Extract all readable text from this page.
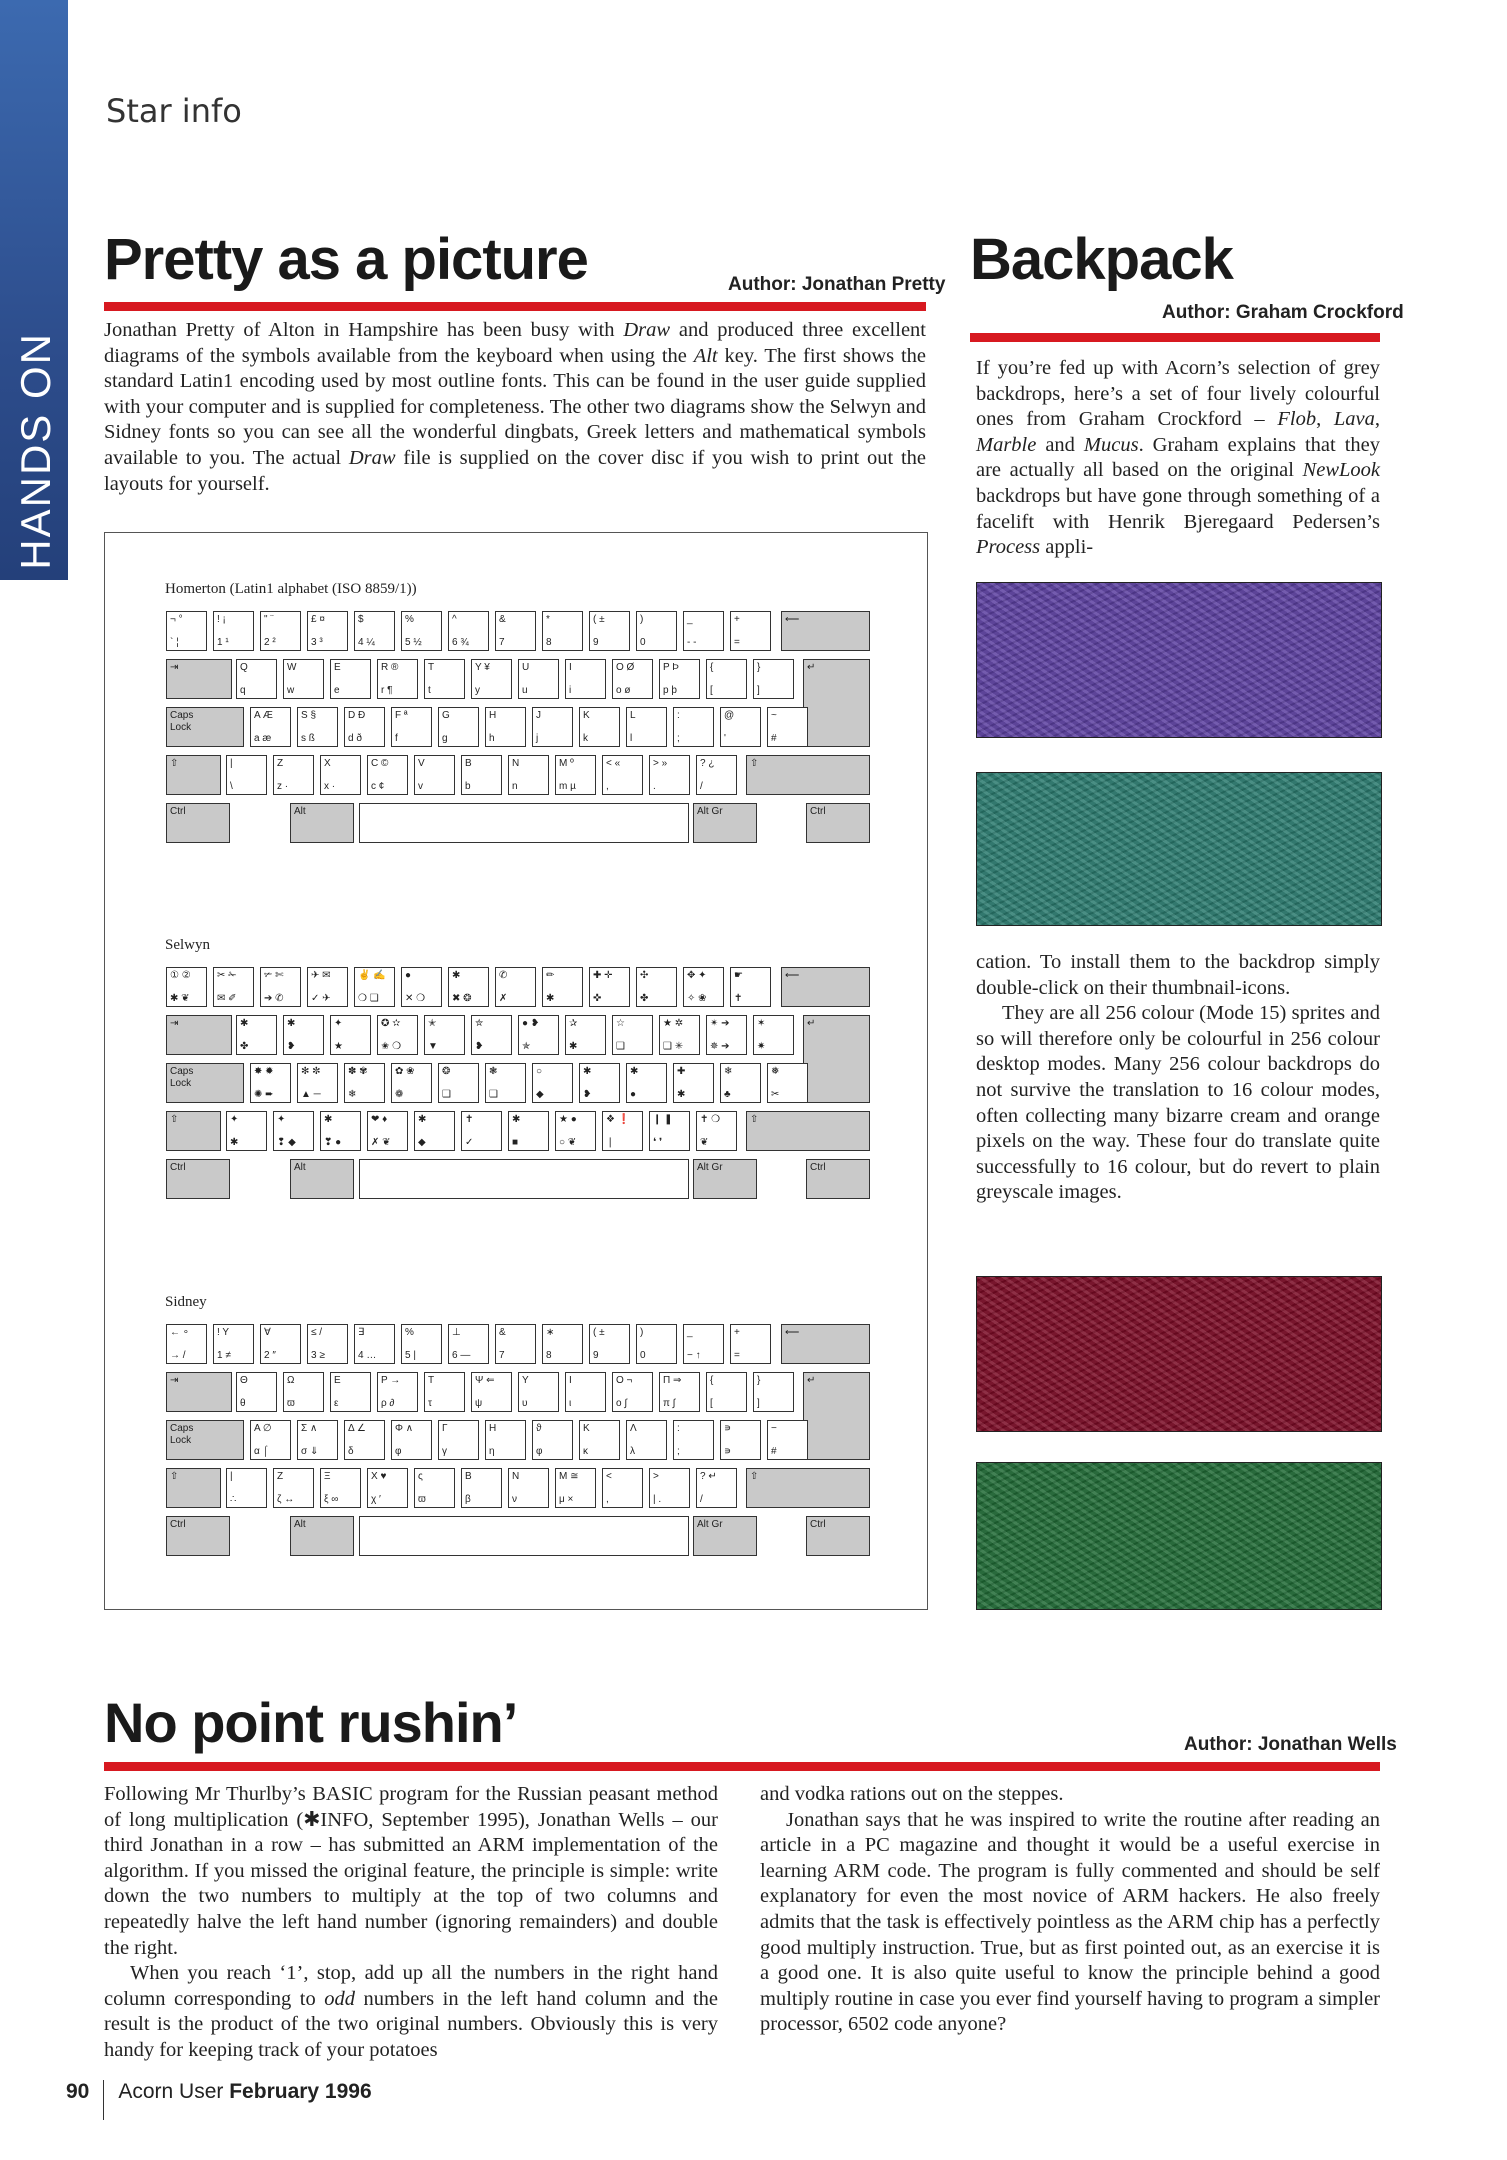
HANDS ON
Star info
Pretty as a picture	Author: Jonathan Pretty

Jonathan Pretty of Alton in Hampshire has been busy with Draw and produced three excellent diagrams of the symbols available from the keyboard when using the Alt key. The first shows the standard Latin1 encoding used by most outline fonts. This can be found in the user guide supplied with your computer and is supplied for completeness. The other two diagrams show the Selwyn and Sidney fonts so you can see all the wonderful dingbats, Greek letters and mathematical symbols available to you. The actual Draw file is supplied on the cover disc if you wish to print out the layouts for yourself.

Homerton (Latin1 alphabet (ISO 8859/1))
¬ °
` ¦
! ¡
1 ¹
" ¨
2 ²
£ ¤
3 ³
$
4 ¼
%
5 ½
^
6 ¾
&
7
*
8
( ±
9
)
0
_
- -
+
=
⟵
⇥	Q
q
W
w
E
e
R ®
r ¶
T
t
Y ¥
y
U
u
I
i
O Ø
o ø
P Þ
p þ
{
[
}
]
↵
Caps Lock
A Æ
a æ
S §
s ß
D Ð
d ð
F ª
f
G
g
H
h
J
j
K
k
L
l
:
;
@
'
~
#
⇧	|
\
Z
z ·
X
x ·
C ©
c ¢
V
v
B
b
N
n
M º
m µ
< «
,
> »
.
? ¿
/
⇧
Ctrl	Alt	Alt Gr	Ctrl
Selwyn
① ②
✱ ❦
✂ ✁
✉ ✐
✃ ✄
➔ ✆
✈ ✉
✓ ✈
✌ ✍
❍ ❏
●
✕ ❍
✱
✖ ❂
✆
✗
✏
✱
✚ ✛
✜
✣
✤
✥ ✦
✧ ❀
☛
✝
⟵
⇥	✱
✤
✱
❥
✦
★
✪ ✫
✬ ❍
✭
▼
✮
❥
● ❥
✯
✰
✱
☆
❑
★ ✲
❑ ✳
✴ ➔
✵ ➔
✶
✷
↵
Caps Lock
✸ ✹
✺ ➨
✻ ✼
▲ ─
✽ ✾
❄
✿ ❀
❁
❂
❑
❃
❑
○
◆
✱
❥
✱
●
✚
✱
❄
♣
❅
✂
⇧	✦
✱
✦
❢ ◆
✱
❣ ●
❤ ♦
✗ ❦
✱
◆
✝
✓
✱
■
★ ●
○ ❦
❖ ❗
❘
❙ ❚
❛ ❜
✝ ❍
❦
⇧
Ctrl	Alt	Alt Gr	Ctrl
Sidney
← ∘
→ /
! Υ
1 ≠
∀
2 ″
≤ /
3 ≥
∃
4 …
%
5 |
⊥
6 —
&
7
∗
8
( ±
9
)
0
_
− ↑
+
=
⟵
⇥	Θ
θ
Ω
ϖ
Ε
ε
Ρ →
ρ ∂
Τ
τ
Ψ ⇐
ψ
Υ
υ
Ι
ι
Ο ¬
ο ∫
Π ⇒
π ∫
{
[
}
]
↵
Caps Lock
Α ∅
α ⌠
Σ ∧
σ ⇓
Δ ∠
δ
Φ ∧
φ
Γ
γ
Η
η
ϑ
φ
Κ
κ
Λ
λ
:
;
∍
∍
−
#
⇧	|
∴
Ζ
ζ ↔
Ξ
ξ ∞
Χ ♥
χ ′
ς
ϖ
Β
β
Ν
ν
Μ ≅
μ ×
<
,
>
| .
? ↵
/
⇧
Ctrl	Alt	Alt Gr	Ctrl
Backpack
Author: Graham Crockford

If you’re fed up with Acorn’s selection of grey backdrops, here’s a set of four lively colourful ones from Graham Crockford – Flob, Lava, Marble and Mucus. Graham explains that they are actually all based on the original NewLook backdrops but have gone through something of a facelift with Henrik Bjeregaard Pedersen’s Process appli-

cation. To install them to the backdrop simply double-click on their thumbnail-icons.

They are all 256 colour (Mode 15) sprites and so will therefore only be colourful in 256 colour desktop modes. Many 256 colour backdrops do not survive the translation to 16 colour modes, often collecting many bizarre cream and orange pixels on the way. These four do translate quite successfully to 16 colour, but do revert to plain greyscale images.

No point rushin’	Author: Jonathan Wells

Following Mr Thurlby’s BASIC program for the Russian peasant method of long multiplication (✱INFO, September 1995), Jonathan Wells – our third Jonathan in a row – has submitted an ARM implementation of the algorithm. If you missed the original feature, the principle is simple: write down the two numbers to multiply at the top of two columns and repeatedly halve the left hand number (ignoring remainders) and double the right.

When you reach ‘1’, stop, add up all the numbers in the right hand column corresponding to odd numbers in the left hand column and the result is the product of the two original numbers. Obviously this is very handy for keeping track of your potatoes

and vodka rations out on the steppes.

Jonathan says that he was inspired to write the routine after reading an article in a PC magazine and thought it would be a useful exercise in learning ARM code. The program is fully commented and should be self explanatory for even the most novice of ARM hackers. He also freely admits that the task is effectively pointless as the ARM chip has a perfectly good multiply instruction. True, but as first pointed out, as an exercise it is a good one. It is also quite useful to know the principle behind a good multiply routine in case you ever find yourself having to program a simpler processor, 6502 code anyone?

90 Acorn User February 1996
